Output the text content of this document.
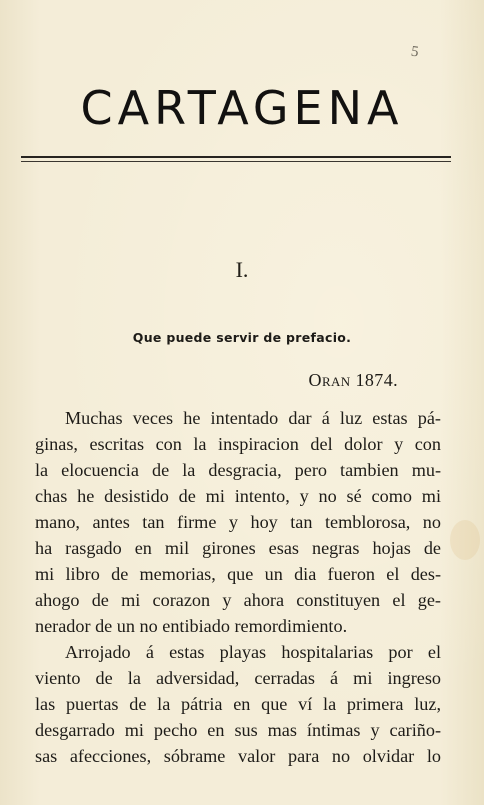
5
CARTAGENA
I.
Que puede servir de prefacio.
Oran 1874.
Muchas veces he intentado dar á luz estas pá-
ginas, escritas con la inspiracion del dolor y con
la elocuencia de la desgracia, pero tambien mu-
chas he desistido de mi intento, y no sé como mi
mano, antes tan firme y hoy tan temblorosa, no
ha rasgado en mil girones esas negras hojas de
mi libro de memorias, que un dia fueron el des-
ahogo de mi corazon y ahora constituyen el ge-
nerador de un no entibiado remordimiento.
Arrojado á estas playas hospitalarias por el
viento de la adversidad, cerradas á mi ingreso
las puertas de la pátria en que ví la primera luz,
desgarrado mi pecho en sus mas íntimas y cariño-
sas afecciones, sóbrame valor para no olvidar lo
